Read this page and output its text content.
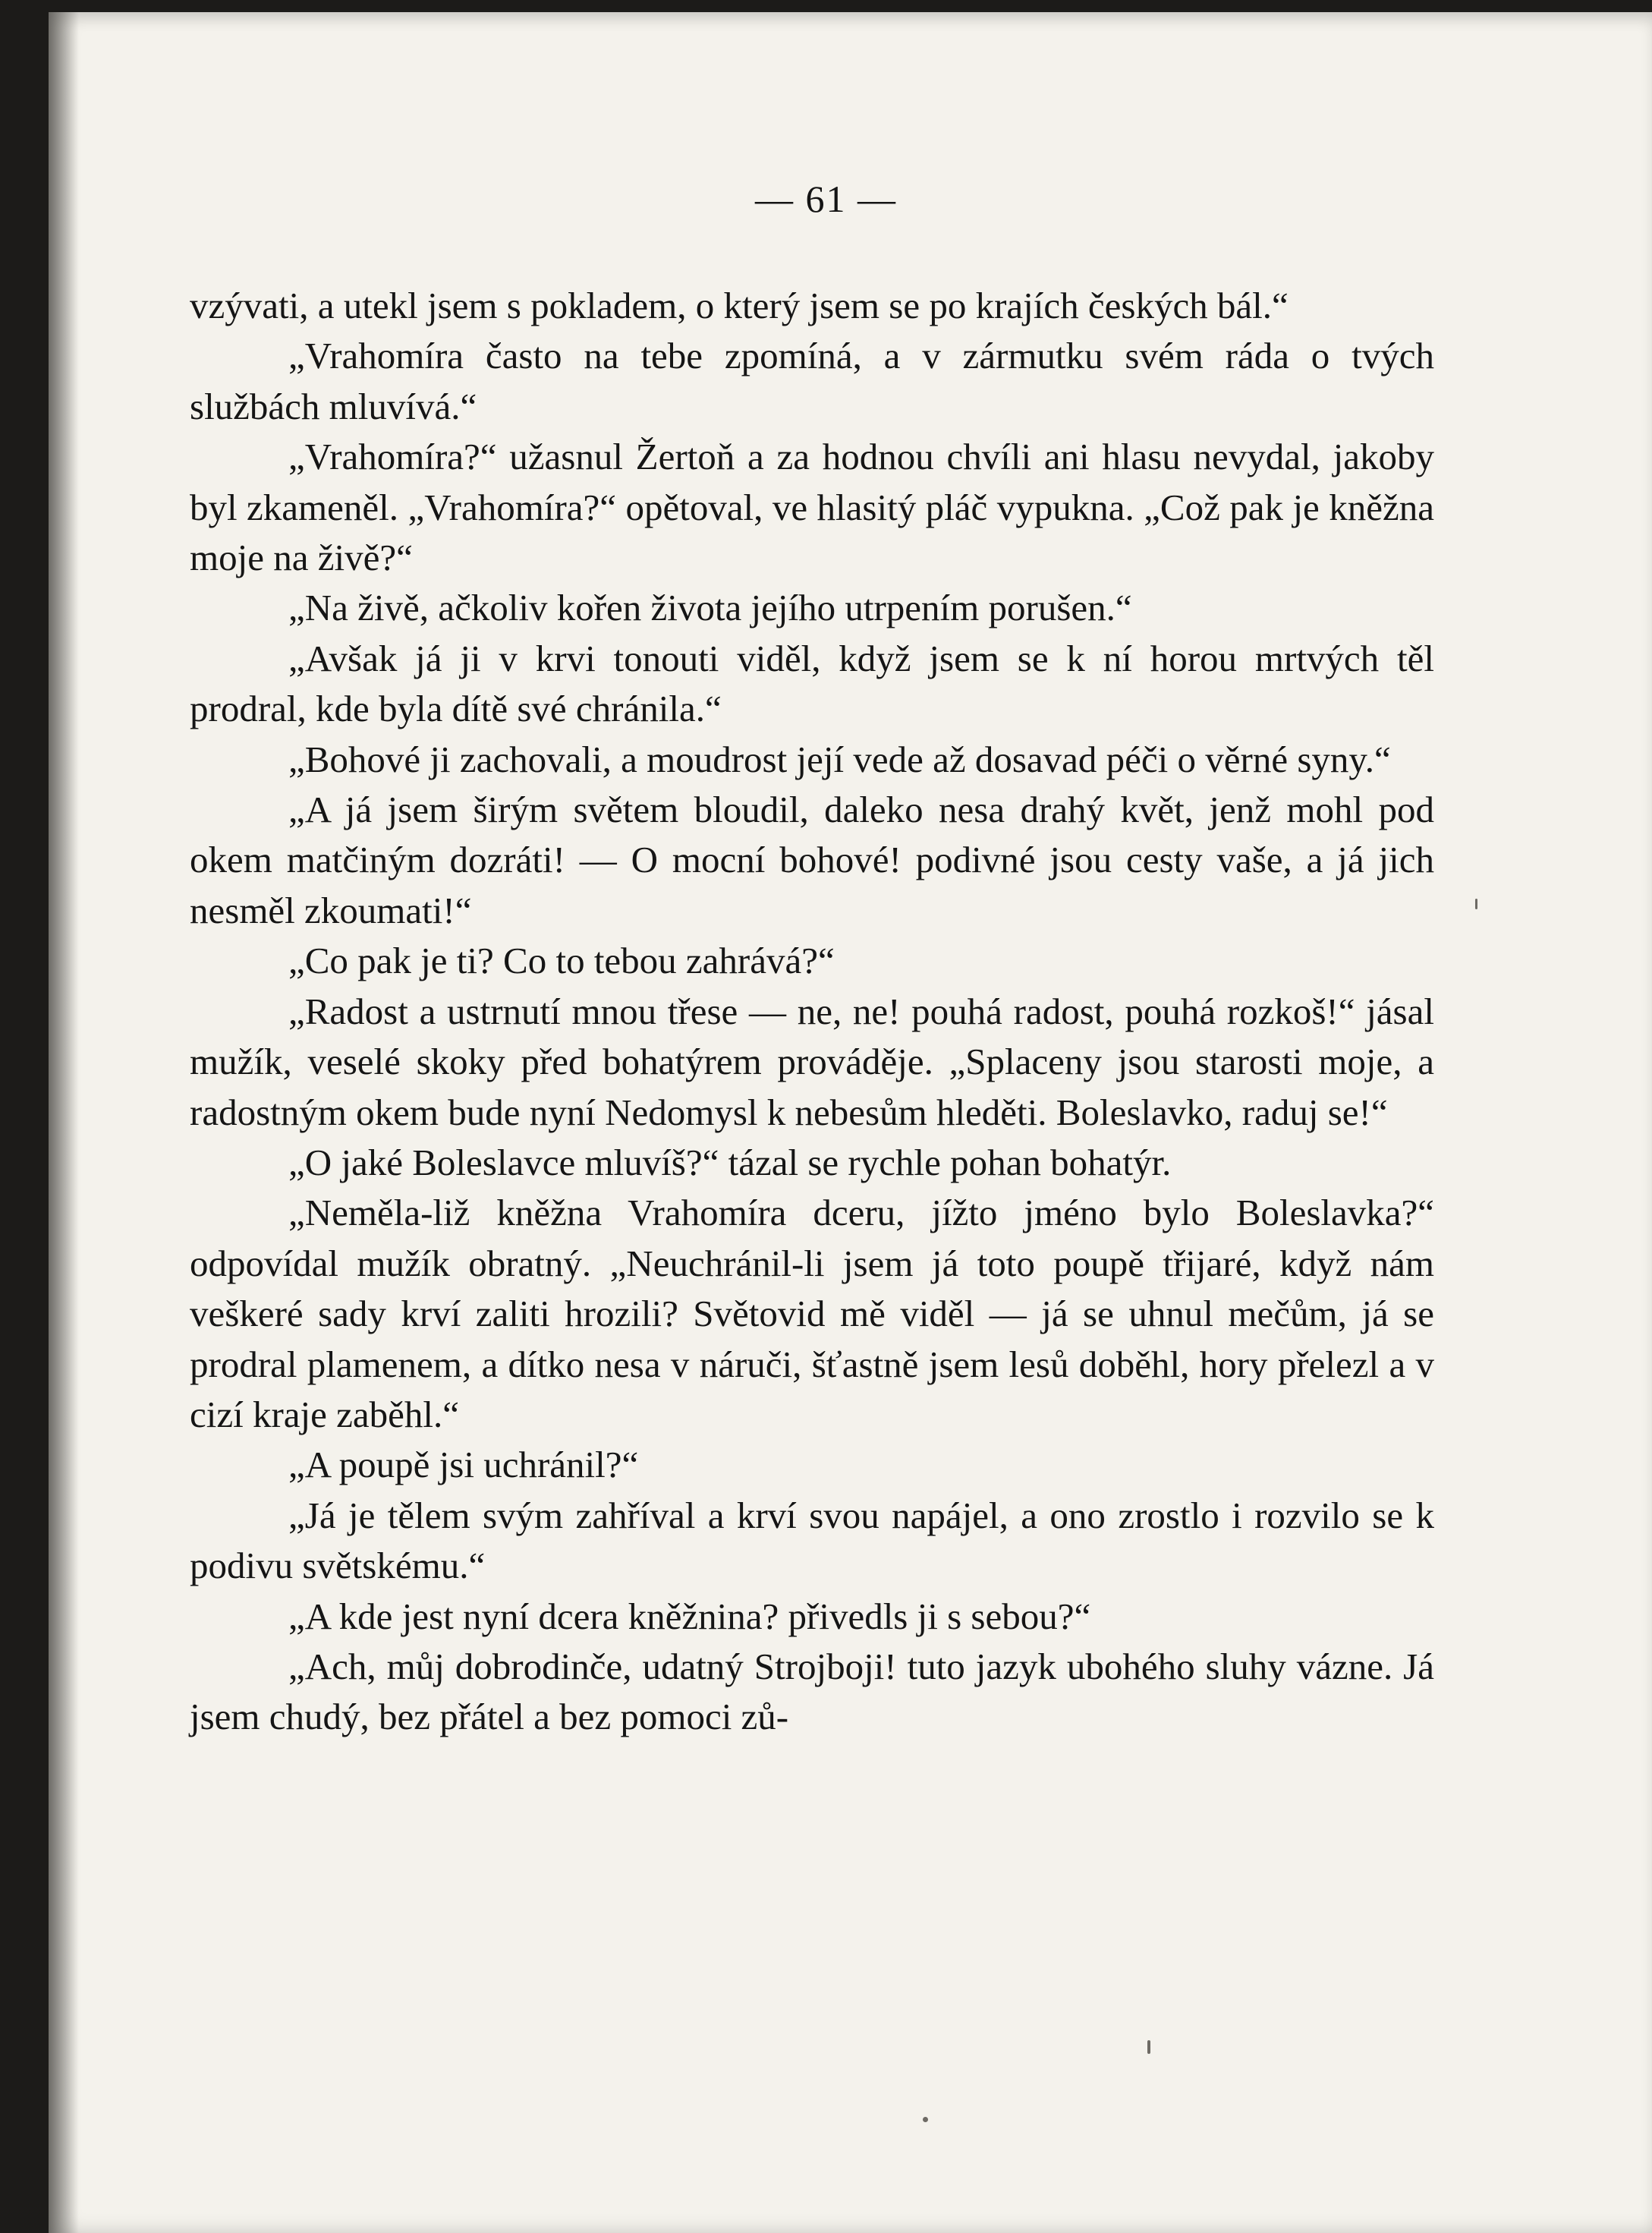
— 61 —

vzývati, a utekl jsem s pokladem, o který jsem se po krajích českých bál.“

„Vrahomíra často na tebe zpomíná, a v zármutku svém ráda o tvých službách mluvívá.“

„Vrahomíra?“ užasnul Žertoň a za hodnou chvíli ani hlasu nevydal, jakoby byl zkameněl. „Vrahomíra?“ opětoval, ve hlasitý pláč vypukna. „Což pak je kněžna moje na živě?“

„Na živě, ačkoliv kořen života jejího utrpením porušen.“

„Avšak já ji v krvi tonouti viděl, když jsem se k ní horou mrtvých těl prodral, kde byla dítě své chránila.“

„Bohové ji zachovali, a moudrost její vede až dosavad péči o věrné syny.“

„A já jsem širým světem bloudil, daleko nesa drahý květ, jenž mohl pod okem matčiným dozráti! — O mocní bohové! podivné jsou cesty vaše, a já jich nesměl zkoumati!“

„Co pak je ti? Co to tebou zahrává?“

„Radost a ustrnutí mnou třese — ne, ne! pouhá radost, pouhá rozkoš!“ jásal mužík, veselé skoky před bohatýrem prováděje. „Splaceny jsou starosti moje, a radostným okem bude nyní Nedomysl k nebesům hleděti. Boleslavko, raduj se!“

„O jaké Boleslavce mluvíš?“ tázal se rychle pohan bohatýr.

„Neměla-liž kněžna Vrahomíra dceru, jížto jméno bylo Boleslavka?“ odpovídal mužík obratný. „Neuchránil-li jsem já toto poupě třijaré, když nám veškeré sady krví zaliti hrozili? Světovid mě viděl — já se uhnul mečům, já se prodral plamenem, a dítko nesa v náruči, šťastně jsem lesů doběhl, hory přelezl a v cizí kraje zaběhl.“

„A poupě jsi uchránil?“

„Já je tělem svým zahříval a krví svou napájel, a ono zrostlo i rozvilo se k podivu světskému.“

„A kde jest nyní dcera kněžnina? přivedls ji s sebou?“

„Ach, můj dobrodinče, udatný Strojboji! tuto jazyk ubohého sluhy vázne. Já jsem chudý, bez přátel a bez pomoci zů-
